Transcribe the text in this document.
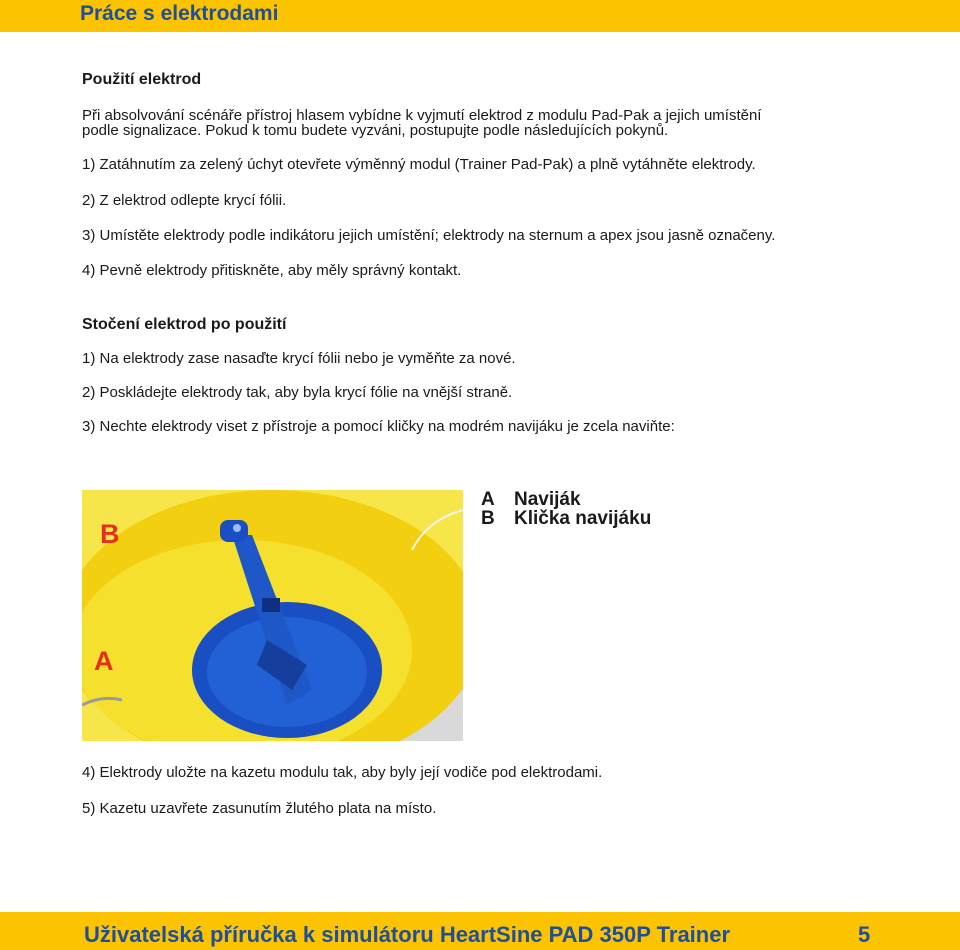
Práce s elektrodami

Použití elektrod

Při absolvování scénáře přístroj hlasem vybídne k vyjmutí elektrod z modulu Pad-Pak a jejich umístění

podle signalizace. Pokud k tomu budete vyzváni, postupujte podle následujících pokynů.

1) Zatáhnutím za zelený úchyt otevřete výměnný modul (Trainer Pad-Pak) a plně vytáhněte elektrody.

2) Z elektrod odlepte krycí fólii.

3) Umístěte elektrody podle indikátoru jejich umístění; elektrody na sternum a apex jsou jasně označeny.

4) Pevně elektrody přitiskněte, aby měly správný kontakt.

Stočení elektrod po použití

1) Na elektrody zase nasaďte krycí fólii nebo je vyměňte za nové.

2) Poskládejte elektrody tak, aby byla krycí fólie na vnější straně.

3) Nechte elektrody viset z přístroje a pomocí kličky na modrém navijáku je zcela naviňte:

4) Elektrody uložte na kazetu modulu tak, aby byly její vodiče pod elektrodami.

5) Kazetu uzavřete zasunutím žlutého plata na místo.

B
A
A Naviják
B Klička navijáku
Uživatelská příručka k simulátoru HeartSine PAD 350P Trainer	5
